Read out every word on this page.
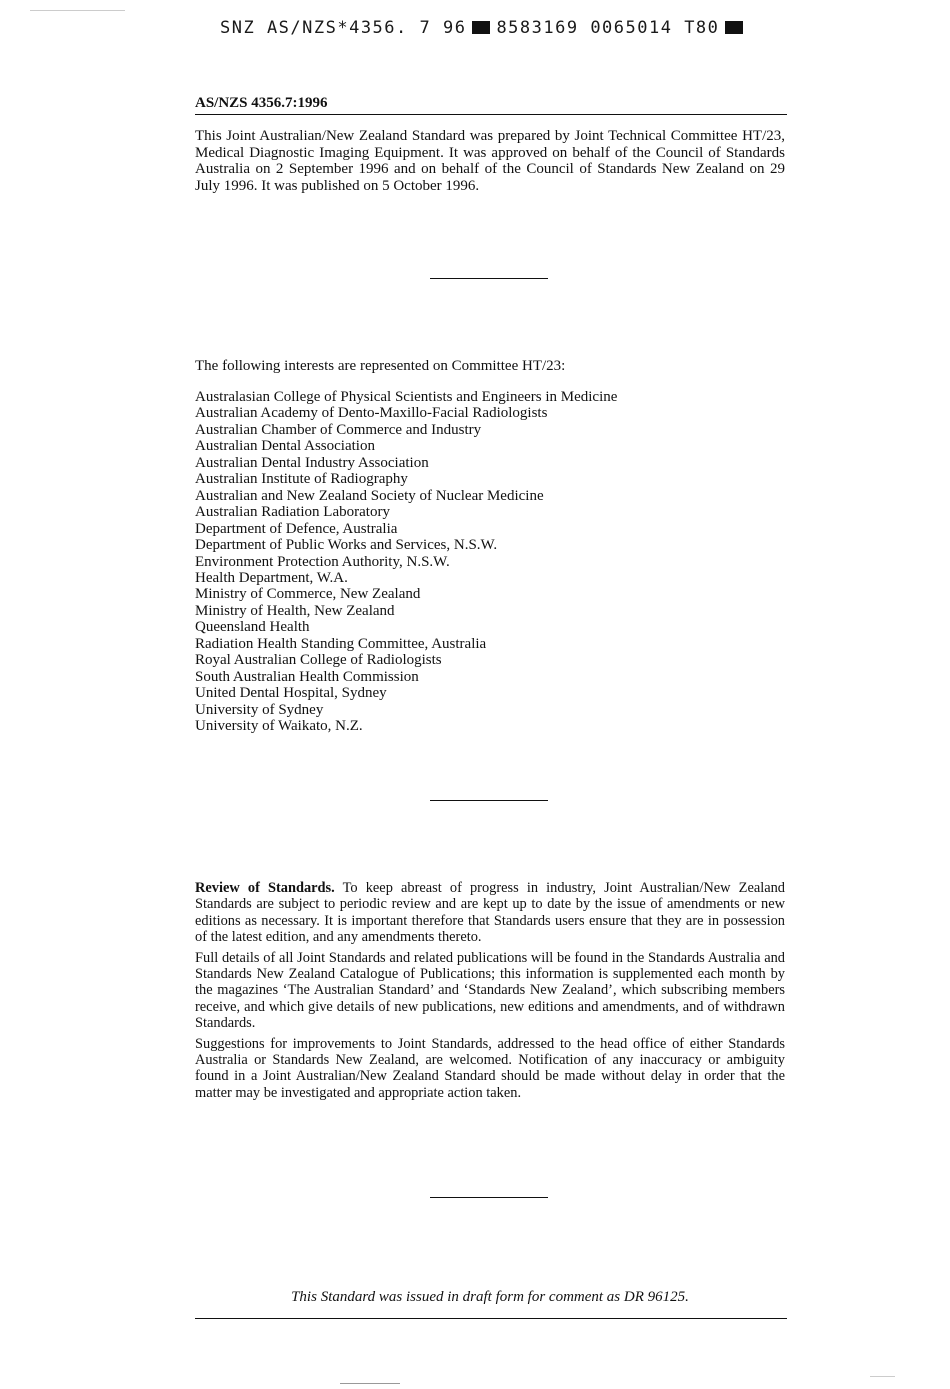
SNZ AS/NZS*4356. 7 96 8583169 0065014 T80
AS/NZS 4356.7:1996

This Joint Australian/New Zealand Standard was prepared by Joint Technical Committee HT/23, Medical Diagnostic Imaging Equipment. It was approved on behalf of the Council of Standards Australia on 2 September 1996 and on behalf of the Council of Standards New Zealand on 29 July 1996. It was published on 5 October 1996.

The following interests are represented on Committee HT/23:

Australasian College of Physical Scientists and Engineers in Medicine
Australian Academy of Dento-Maxillo-Facial Radiologists
Australian Chamber of Commerce and Industry
Australian Dental Association
Australian Dental Industry Association
Australian Institute of Radiography
Australian and New Zealand Society of Nuclear Medicine
Australian Radiation Laboratory
Department of Defence, Australia
Department of Public Works and Services, N.S.W.
Environment Protection Authority, N.S.W.
Health Department, W.A.
Ministry of Commerce, New Zealand
Ministry of Health, New Zealand
Queensland Health
Radiation Health Standing Committee, Australia
Royal Australian College of Radiologists
South Australian Health Commission
United Dental Hospital, Sydney
University of Sydney
University of Waikato, N.Z.

Review of Standards. To keep abreast of progress in industry, Joint Australian/New Zealand Standards are subject to periodic review and are kept up to date by the issue of amendments or new editions as necessary. It is important therefore that Standards users ensure that they are in possession of the latest edition, and any amendments thereto.

Full details of all Joint Standards and related publications will be found in the Standards Australia and Standards New Zealand Catalogue of Publications; this information is supplemented each month by the magazines ‘The Australian Standard’ and ‘Standards New Zealand’, which subscribing members receive, and which give details of new publications, new editions and amendments, and of withdrawn Standards.

Suggestions for improvements to Joint Standards, addressed to the head office of either Standards Australia or Standards New Zealand, are welcomed. Notification of any inaccuracy or ambiguity found in a Joint Australian/New Zealand Standard should be made without delay in order that the matter may be investigated and appropriate action taken.

This Standard was issued in draft form for comment as DR 96125.
